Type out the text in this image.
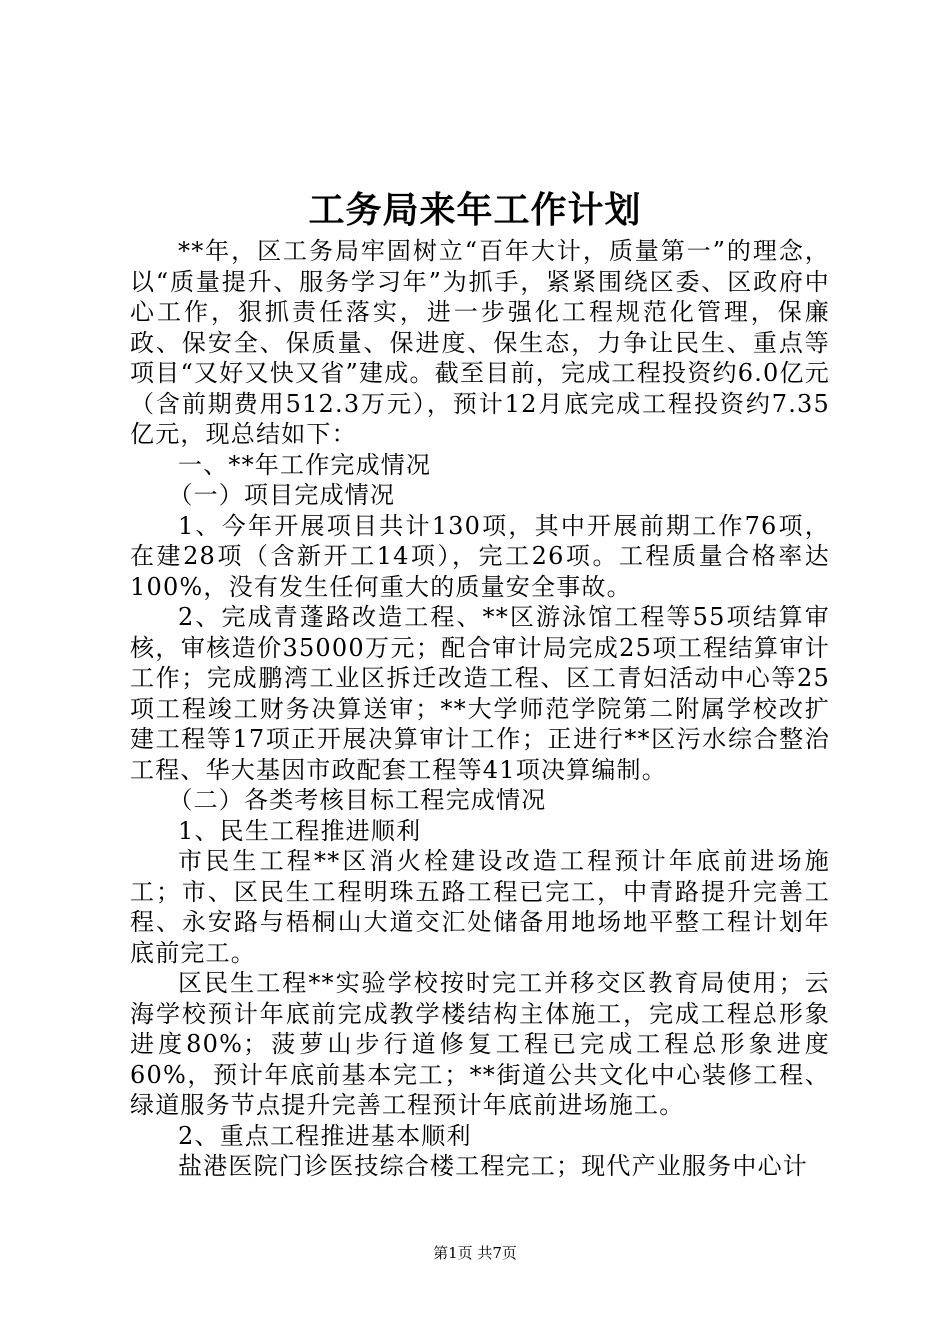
工务局来年工作计划

**年，区工务局牢固树立“百年大计，质量第一”的理念，以“质量提升、服务学习年”为抓手，紧紧围绕区委、区政府中心工作，狠抓责任落实，进一步强化工程规范化管理，保廉政、保安全、保质量、保进度、保生态，力争让民生、重点等项目“又好又快又省”建成。截至目前，完成工程投资约6.0亿元（含前期费用512.3万元），预计12月底完成工程投资约7.35亿元，现总结如下：

一、**年工作完成情况

（一）项目完成情况

1、今年开展项目共计130项，其中开展前期工作76项，在建28项（含新开工14项），完工26项。工程质量合格率达100%，没有发生任何重大的质量安全事故。

2、完成青蓬路改造工程、**区游泳馆工程等55项结算审核，审核造价35000万元；配合审计局完成25项工程结算审计工作；完成鹏湾工业区拆迁改造工程、区工青妇活动中心等25项工程竣工财务决算送审；**大学师范学院第二附属学校改扩建工程等17项正开展决算审计工作；正进行**区污水综合整治工程、华大基因市政配套工程等41项决算编制。

（二）各类考核目标工程完成情况

1、民生工程推进顺利

市民生工程**区消火栓建设改造工程预计年底前进场施工；市、区民生工程明珠五路工程已完工，中青路提升完善工程、永安路与梧桐山大道交汇处储备用地场地平整工程计划年底前完工。

区民生工程**实验学校按时完工并移交区教育局使用；云海学校预计年底前完成教学楼结构主体施工，完成工程总形象进度80%；菠萝山步行道修复工程已完成工程总形象进度60%，预计年底前基本完工；**街道公共文化中心装修工程、绿道服务节点提升完善工程预计年底前进场施工。

2、重点工程推进基本顺利

盐港医院门诊医技综合楼工程完工；现代产业服务中心计

第1页 共7页
